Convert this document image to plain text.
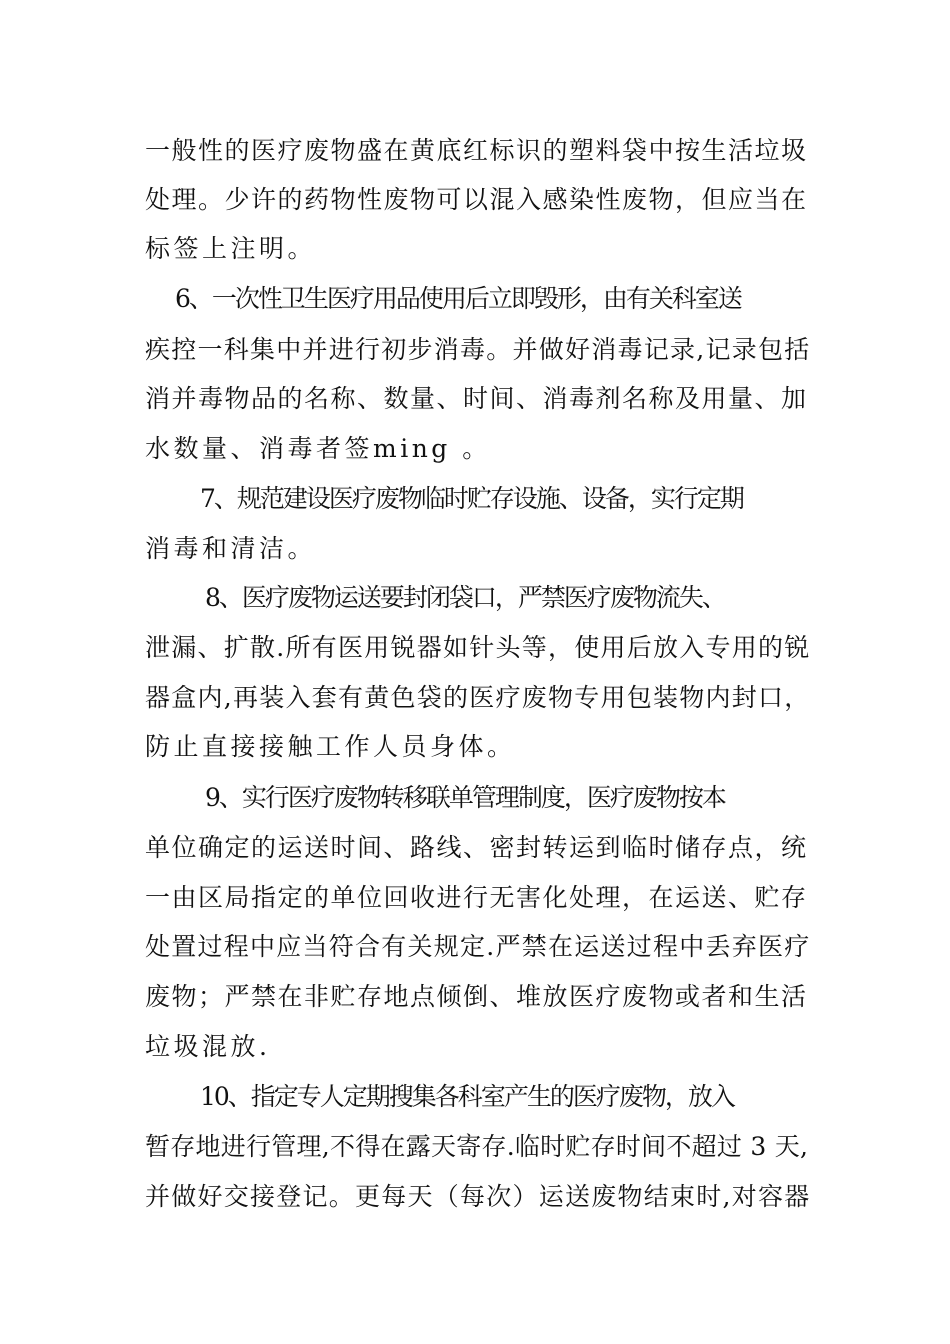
一般性的医疗废物盛在黄底红标识的塑料袋中按生活垃圾
处理。少许的药物性废物可以混入感染性废物，但应当在
标签上注明。
6、一次性卫生医疗用品使用后立即毁形，由有关科室送
疾控一科集中并进行初步消毒。并做好消毒记录,记录包括
消并毒物品的名称、数量、时间、消毒剂名称及用量、加
水数量、消毒者签ming 。
7、规范建设医疗废物临时贮存设施、设备，实行定期
消毒和清洁。
8、医疗废物运送要封闭袋口，严禁医疗废物流失、
泄漏、扩散.所有医用锐器如针头等，使用后放入专用的锐
器盒内,再装入套有黄色袋的医疗废物专用包装物内封口，
防止直接接触工作人员身体。
9、实行医疗废物转移联单管理制度，医疗废物按本
单位确定的运送时间、路线、密封转运到临时储存点，统
一由区局指定的单位回收进行无害化处理，在运送、贮存
处置过程中应当符合有关规定.严禁在运送过程中丢弃医疗
废物；严禁在非贮存地点倾倒、堆放医疗废物或者和生活
垃圾混放.
10、指定专人定期搜集各科室产生的医疗废物，放入
暂存地进行管理,不得在露天寄存.临时贮存时间不超过 3 天,
并做好交接登记。更每天（每次）运送废物结束时,对容器
